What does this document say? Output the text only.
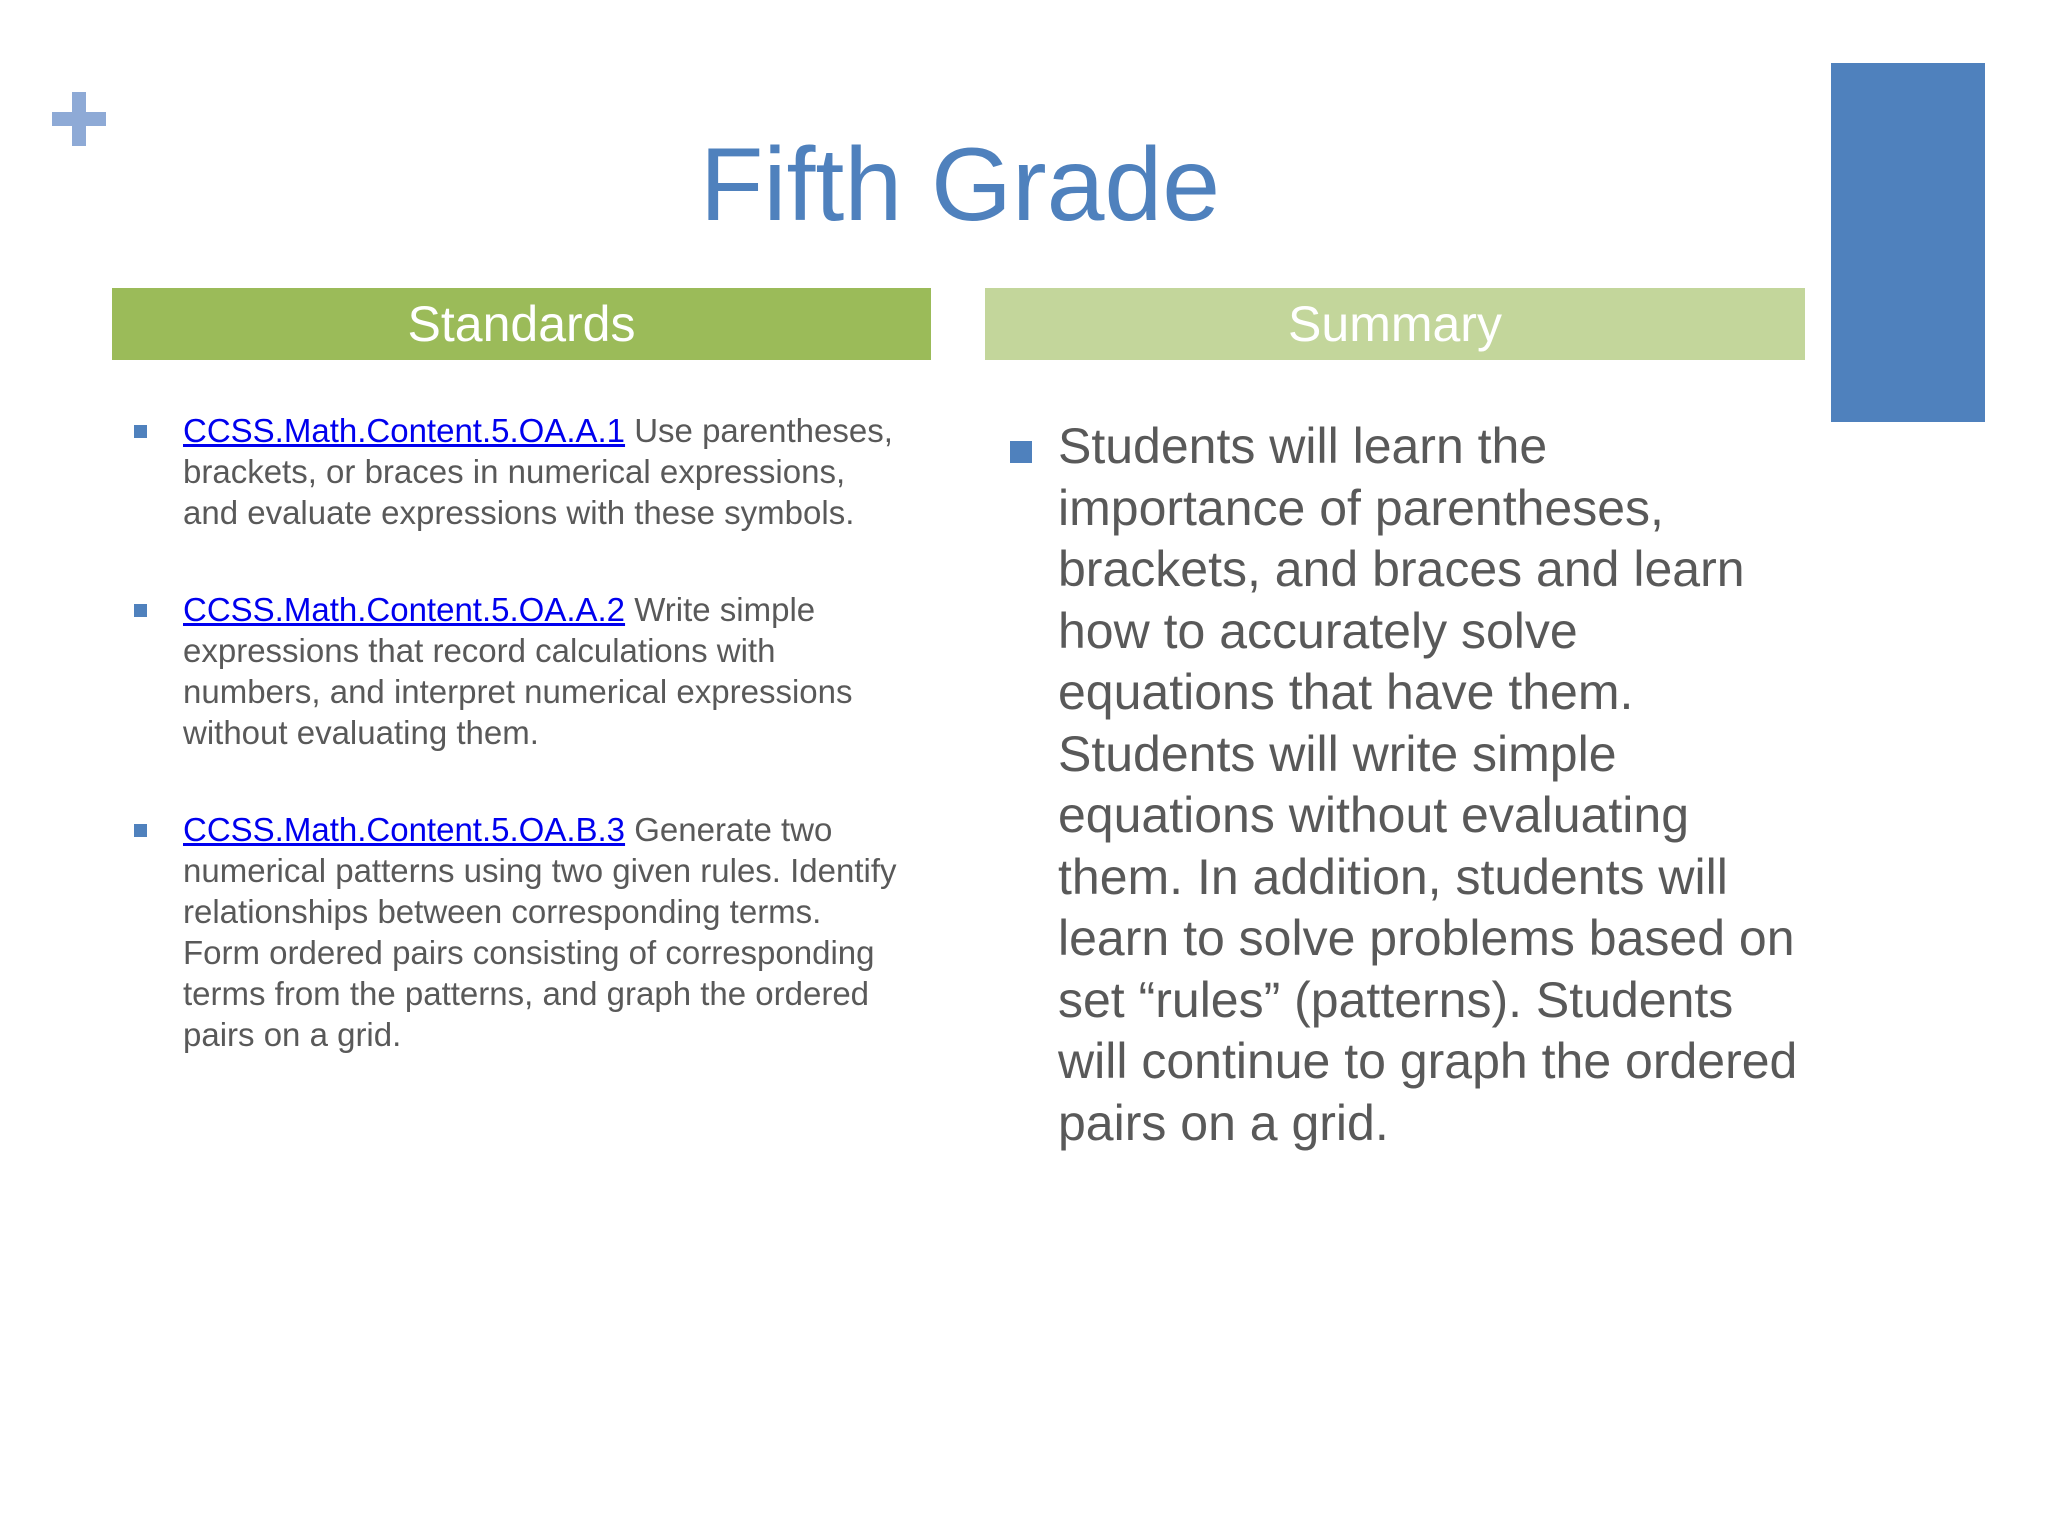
Fifth Grade
Standards	Summary
CCSS.Math.Content.5.OA.A.1 Use parentheses, brackets, or braces in numerical expressions, and evaluate expressions with these symbols.
CCSS.Math.Content.5.OA.A.2 Write simple expressions that record calculations with numbers, and interpret numerical expressions without evaluating them.
CCSS.Math.Content.5.OA.B.3 Generate two numerical patterns using two given rules. Identify relationships between corresponding terms. Form ordered pairs consisting of corresponding terms from the patterns, and graph the ordered pairs on a grid.
Students will learn the importance of parentheses, brackets, and braces and learn how to accurately solve equations that have them. Students will write simple equations without evaluating them. In addition, students will learn to solve problems based on set “rules” (patterns). Students will continue to graph the ordered pairs on a grid.
